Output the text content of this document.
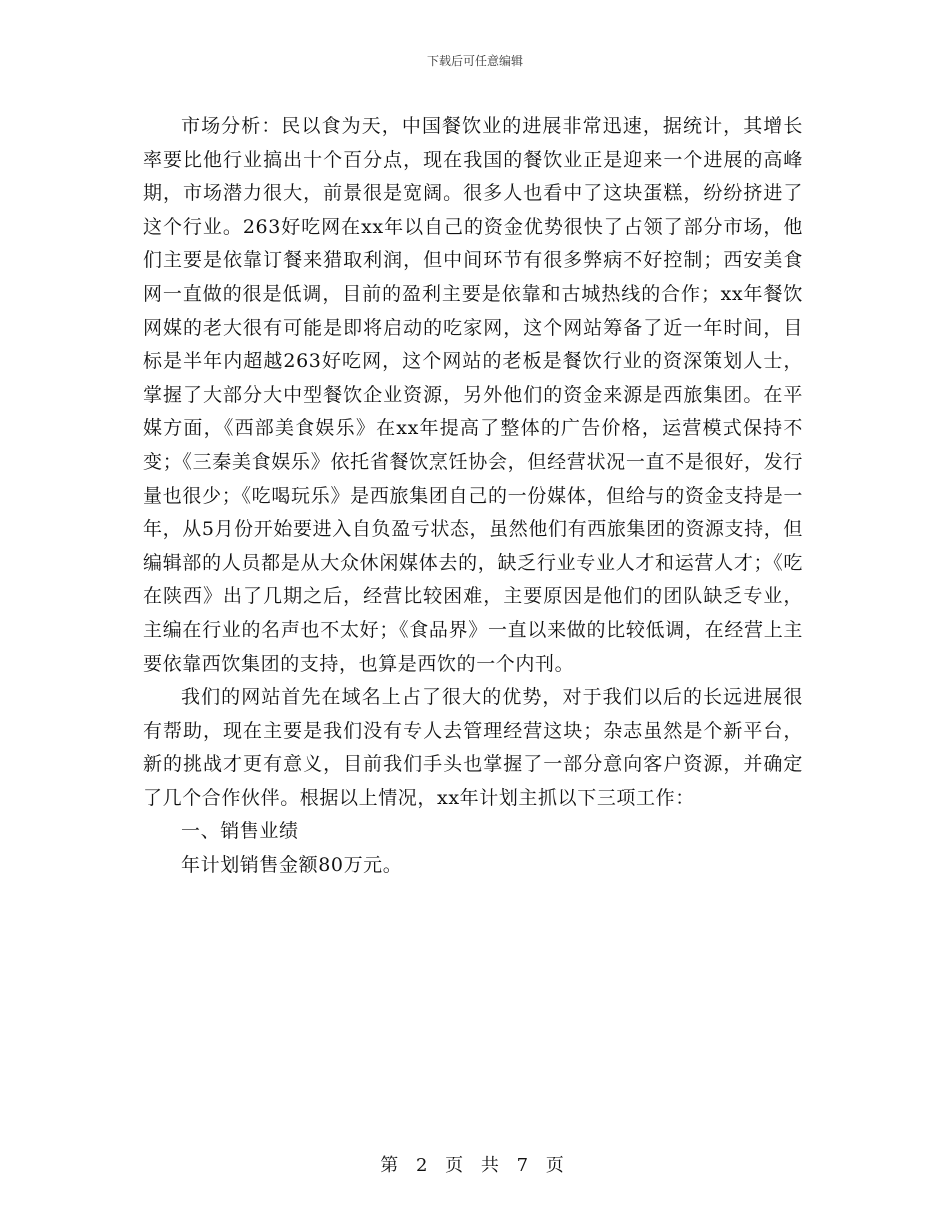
下载后可任意编辑

市场分析：民以食为天，中国餐饮业的进展非常迅速，据统计，其增长率要比他行业搞出十个百分点，现在我国的餐饮业正是迎来一个进展的高峰期，市场潜力很大，前景很是宽阔。很多人也看中了这块蛋糕，纷纷挤进了这个行业。263好吃网在xx年以自己的资金优势很快了占领了部分市场，他们主要是依靠订餐来猎取利润，但中间环节有很多弊病不好控制；西安美食网一直做的很是低调，目前的盈利主要是依靠和古城热线的合作；xx年餐饮网媒的老大很有可能是即将启动的吃家网，这个网站筹备了近一年时间，目标是半年内超越263好吃网，这个网站的老板是餐饮行业的资深策划人士，掌握了大部分大中型餐饮企业资源，另外他们的资金来源是西旅集团。在平媒方面，《西部美食娱乐》在xx年提高了整体的广告价格，运营模式保持不变；《三秦美食娱乐》依托省餐饮烹饪协会，但经营状况一直不是很好，发行量也很少；《吃喝玩乐》是西旅集团自己的一份媒体，但给与的资金支持是一年，从5月份开始要进入自负盈亏状态，虽然他们有西旅集团的资源支持，但编辑部的人员都是从大众休闲媒体去的，缺乏行业专业人才和运营人才；《吃在陕西》出了几期之后，经营比较困难，主要原因是他们的团队缺乏专业，主编在行业的名声也不太好；《食品界》一直以来做的比较低调，在经营上主要依靠西饮集团的支持，也算是西饮的一个内刊。

我们的网站首先在域名上占了很大的优势，对于我们以后的长远进展很有帮助，现在主要是我们没有专人去管理经营这块；杂志虽然是个新平台，新的挑战才更有意义，目前我们手头也掌握了一部分意向客户资源，并确定了几个合作伙伴。根据以上情况，xx年计划主抓以下三项工作：

一、销售业绩

年计划销售金额80万元。

第 2 页 共 7 页
